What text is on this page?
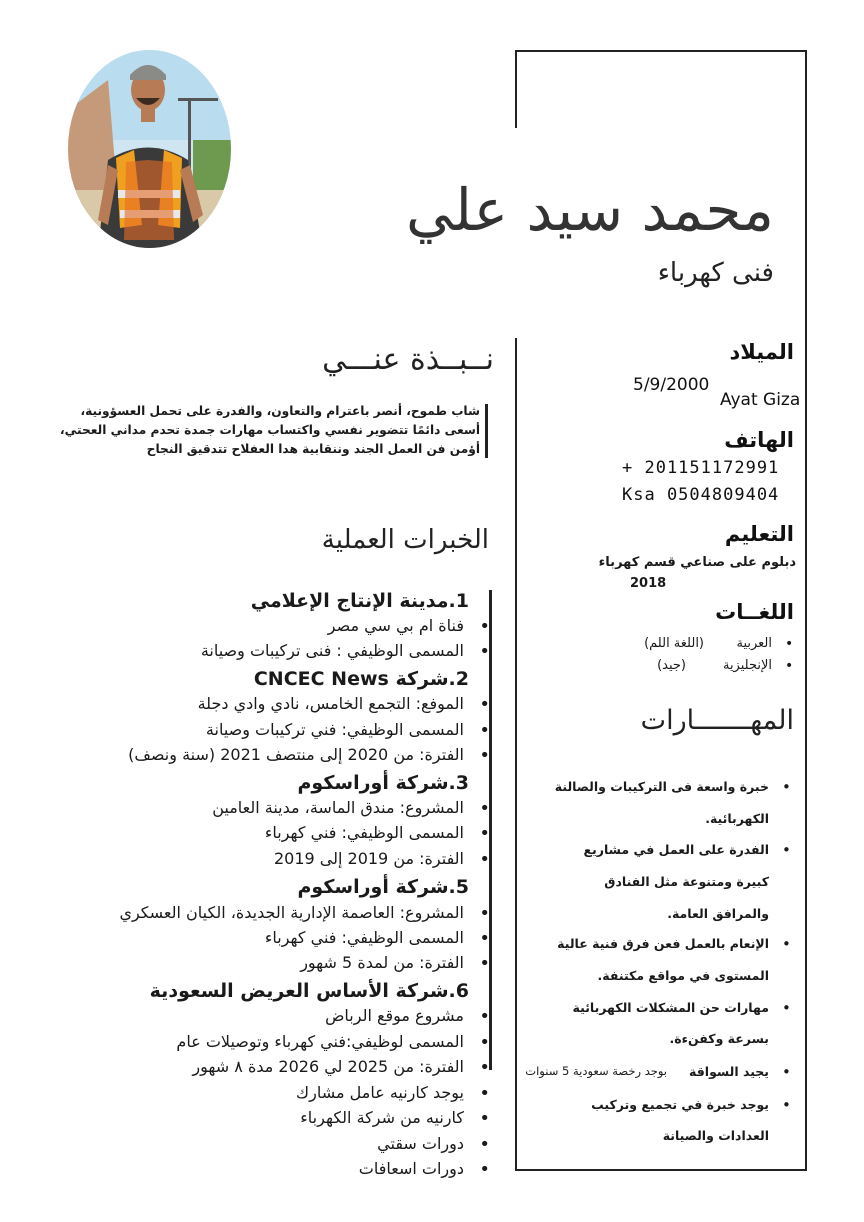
محمد سيد علي
فنى كهرباء
الميلاد
5/9/2000
Ayat Giza
الهاتف
+ 201151172991
Ksa 0504809404
التعليم
دبلوم على صناعي قسم كهرباء
2018
اللغــات
•
العربية
(اللغة اللم)
•
الإنجليزية
(جيد)
المهـــــــارات
•
خبرة واسعة فى التركيبات والصالنة
الكهربائية.
•
الفدرة على العمل في مشاريع
كبيرة ومتنوعة مثل الفنادق
والمرافق العامة.
•
الإنعام بالعمل فعن فرق فنية عالية
المستوى في مواقع مكتنفة.
•
مهارات حن المشكلات الكهربائية
بسرعة وكفنءة.
•
يجيد السواقة
بوجد رخصة سعودية 5 سنوات
•
يوجد خبرة في تجميع وتركيب
العدادات والصيانة
نــبــذة عنـــي
شاب طموح، أنصر باعترام والتعاون، والفدرة على تحمل العسؤونية، أسعى دائمًا تتضوير نفسي واكتساب مهارات جمدة تحدم مداني العحتي، أؤمن فن العمل الجند وننقابية هدا العفلاح تتدقيق النجاح
الخبرات العملية
1.مدينة الإنتاج الإعلامي
فناة ام بي سي مصر •
المسمى الوظيفي : فنى تركيبات وصيانة •
2.شركة CNCEC News
الموفع: التجمع الخامس، نادي وادي دجلة •
المسمى الوظيفي: فني تركيبات وصيانة •
الفترة: من 2020 إلى منتصف 2021 (سنة ونصف) •
3.شركة أوراسكوم
المشروع: مندق الماسة، مدينة العامين •
المسمى الوظيفي: فني كهرباء •
الفترة: من 2019 إلى 2019 •
5.شركة أوراسكوم
المشروع: العاصمة الإدارية الجديدة، الكيان العسكري •
المسمى الوظيفي: فني كهرباء •
الفترة: من لمدة 5 شهور •
6.شركة الأساس العريض السعودية
مشروع موقع الرباض •
المسمى لوظيفي:فني كهرباء وتوصيلات عام •
الفترة: من 2025 لي 2026 مدة ٨ شهور •
يوجد كارنيه عامل مشارك •
كارنيه من شركة الكهرباء •
دورات سقتي •
دورات اسعافات •
